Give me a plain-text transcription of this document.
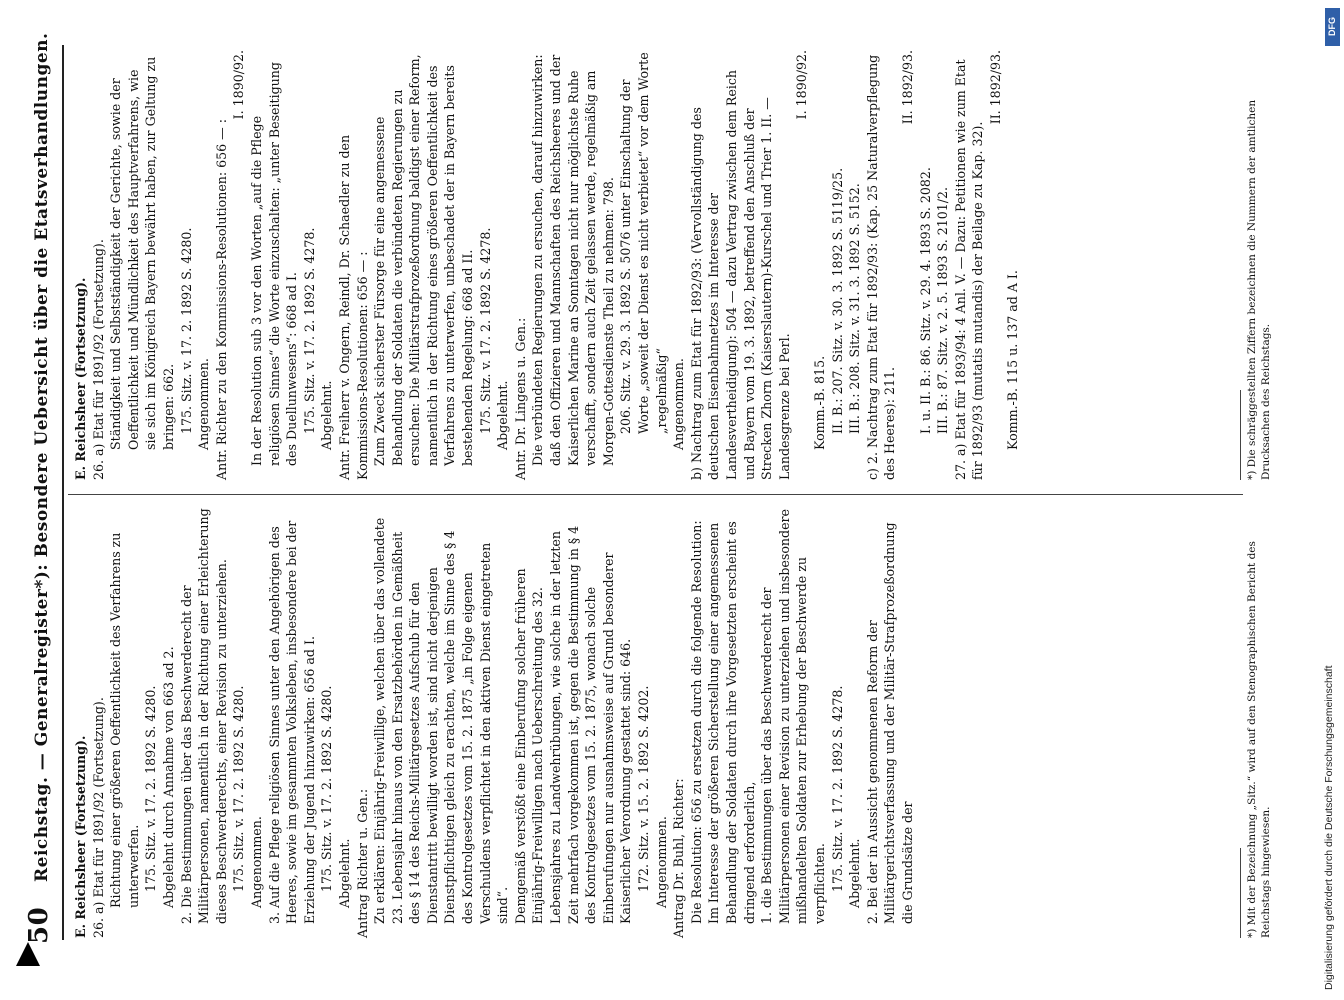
50
Reichstag. — Generalregister*): Besondere Uebersicht über die Etatsverhandlungen. E. Reichsheer (Fortsetzung). 26. a) Etat für 1891/92 (Fortsetzung). Richtung einer größeren Oeffentlichkeit des Verfahrens zu unterwerfen. 175. Sitz. v. 17. 2. 1892 S. 4280. Abgelehnt durch Annahme von 663 ad 2. 2. Die Bestimmungen über das Beschwerderecht der Militärpersonen, namentlich in der Richtung einer Erleichterung dieses Beschwerderechts, einer Revision zu unterziehen. 175. Sitz. v. 17. 2. 1892 S. 4280. Angenommen. 3. Auf die Pflege religiösen Sinnes unter den Angehörigen des Heeres, sowie im gesammten Volksleben, insbesondere bei der Erziehung der Jugend hinzuwirken: 656 ad I. 175. Sitz. v. 17. 2. 1892 S. 4280. Abgelehnt. Antrag Richter u. Gen.: Zu erklären: Einjährig-Freiwillige, welchen über das vollendete 23. Lebensjahr hinaus von den Ersatzbehörden in Gemäßheit des § 14 des Reichs-Militärgesetzes Aufschub für den Dienstantritt bewilligt worden ist, sind nicht derjenigen Dienstpflichtigen gleich zu erachten, welche im Sinne des § 4 des Kontrolgesetzes vom 15. 2. 1875 „in Folge eigenen Verschuldens verpflichtet in den aktiven Dienst eingetreten sind“. Demgemäß verstößt eine Einberufung solcher früheren Einjährig-Freiwilligen nach Ueberschreitung des 32. Lebensjahres zu Landwehrübungen, wie solche in der letzten Zeit mehrfach vorgekommen ist, gegen die Bestimmung in § 4 des Kontrolgesetzes vom 15. 2. 1875, wonach solche Einberufungen nur ausnahmsweise auf Grund besonderer Kaiserlicher Verordnung gestattet sind: 646. 172. Sitz. v. 15. 2. 1892 S. 4202. Angenommen. Antrag Dr. Buhl, Richter: Die Resolution: 656 zu ersetzen durch die folgende Resolution: Im Interesse der größeren Sicherstellung einer angemessenen Behandlung der Soldaten durch ihre Vorgesetzten erscheint es dringend erforderlich, 1. die Bestimmungen über das Beschwerderecht der Militärpersonen einer Revision zu unterziehen und insbesondere mißhandelten Soldaten zur Erhebung der Beschwerde zu verpflichten. 175. Sitz. v. 17. 2. 1892 S. 4278. Abgelehnt. 2. Bei der in Aussicht genommenen Reform der Militärgerichtsverfassung und der Militär-Strafprozeßordnung die Grundsätze der

E. Reichsheer (Fortsetzung). 26. a) Etat für 1891/92 (Fortsetzung). Ständigkeit und Selbstständigkeit der Gerichte, sowie der Oeffentlichkeit und Mündlichkeit des Hauptverfahrens, wie sie sich im Königreich Bayern bewährt haben, zur Geltung zu bringen: 662. 175. Sitz. v. 17. 2. 1892 S. 4280. Angenommen. Antr. Richter zu den Kommissions-Resolutionen: 656 — :

I. 1890/92.

In der Resolution sub 3 vor den Worten „auf die Pflege religiösen Sinnes“ die Worte einzuschalten: „unter Beseitigung des Duellunwesens“: 668 ad I. 175. Sitz. v. 17. 2. 1892 S. 4278. Abgelehnt. Antr. Freiherr v. Ongern, Reindl, Dr. Schaedler zu den Kommissions-Resolutionen: 656 — : Zum Zweck sicherster Fürsorge für eine angemessene Behandlung der Soldaten die verbündeten Regierungen zu ersuchen: Die Militärstrafprozeßordnung baldigst einer Reform, namentlich in der Richtung eines größeren Oeffentlichkeit des Verfahrens zu unterwerfen, unbeschadet der in Bayern bereits bestehenden Regelung: 668 ad II. 175. Sitz. v. 17. 2. 1892 S. 4278. Abgelehnt. Antr. Dr. Lingens u. Gen.: Die verbündeten Regierungen zu ersuchen, darauf hinzuwirken: daß den Offizieren und Mannschaften des Reichsheeres und der Kaiserlichen Marine an Sonntagen nicht nur möglichste Ruhe verschafft, sondern auch Zeit gelassen werde, regelmäßig am Morgen-Gottesdienste Theil zu nehmen: 798. 206. Sitz. v. 29. 3. 1892 S. 5076 unter Einschaltung der Worte „soweit der Dienst es nicht verbietet“ vor dem Worte „regelmäßig“ Angenommen. b) Nachtrag zum Etat für 1892/93: (Vervollständigung des deutschen Eisenbahnnetzes im Interesse der Landesvertheidigung): 504 — dazu Vertrag zwischen dem Reich und Bayern vom 19. 3. 1892, betreffend den Anschluß der Strecken Zhorn (Kaiserslautern)-Kurschel und Trier 1. II. — Landesgrenze bei Perl.

I. 1890/92.

Komm.-B. 815. II. B.: 207. Sitz. v. 30. 3. 1892 S. 5119/25. III. B.: 208. Sitz. v. 31. 3. 1892 S. 5152. c) 2. Nachtrag zum Etat für 1892/93: (Kap. 25 Naturalverpflegung des Heeres): 211.

II. 1892/93.

I. u. II. B.: 86. Sitz. v. 29. 4. 1893 S. 2082. III. B.: 87. Sitz. v. 2. 5. 1893 S. 2101/2. 27. a) Etat für 1893/94: 4 Anl. V. — Dazu: Petitionen wie zum Etat für 1892/93 (mutatis mutandis) der Beilage zu Kap. 32).

II. 1892/93.

Komm.-B. 115 u. 137 ad A I.

*) Mit der Bezeichnung „Sitz.“ wird auf den Stenographischen Bericht des Reichstags hingewiesen.
*) Die schräggestellten Ziffern bezeichnen die Nummern der amtlichen Drucksachen des Reichstags.
DFG
Digitalisierung gefördert durch die Deutsche Forschungsgemeinschaft
